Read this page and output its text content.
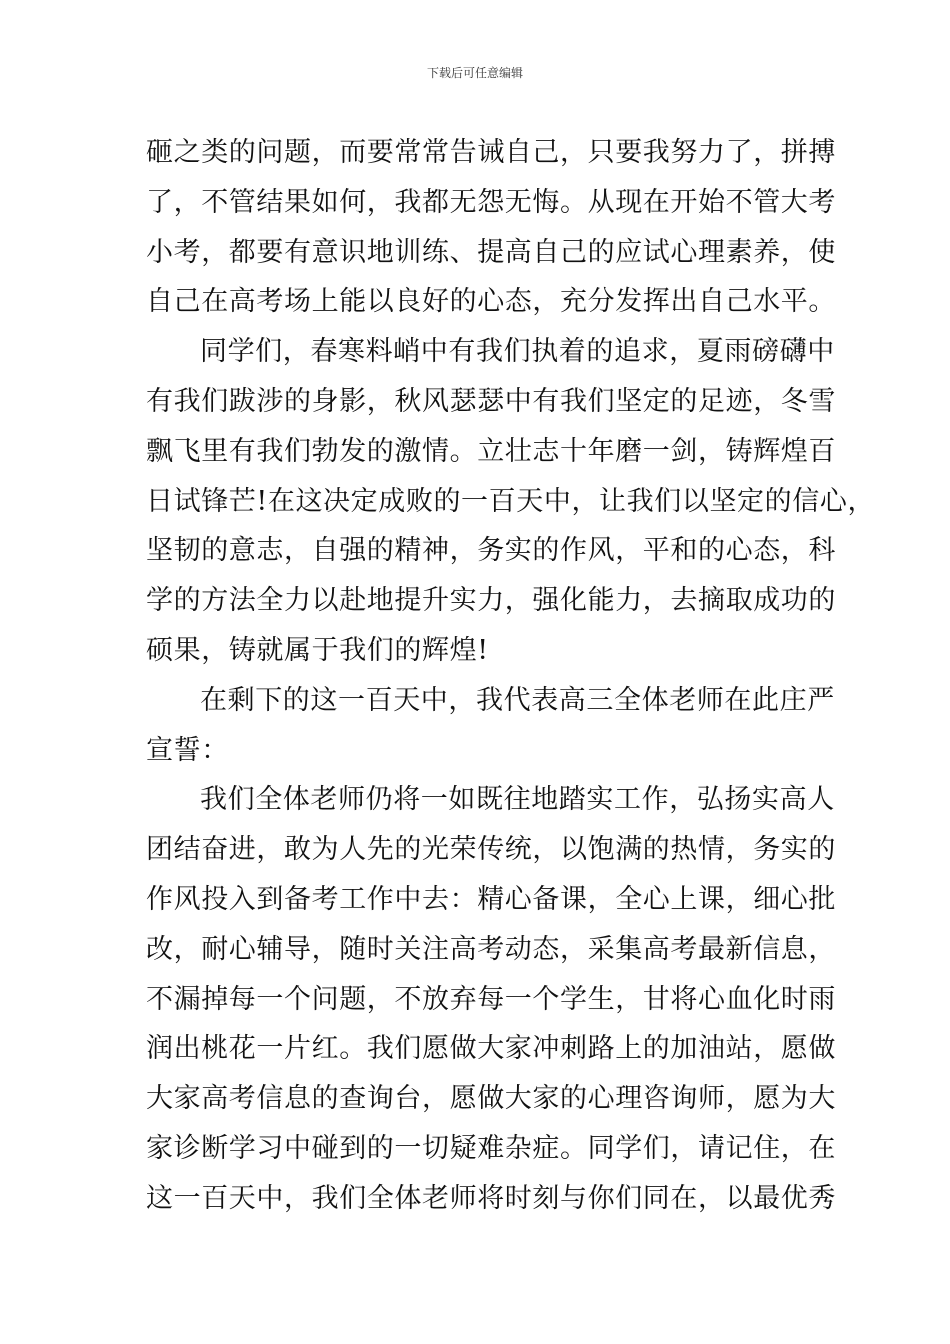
下载后可任意编辑
砸之类的问题，而要常常告诫自己，只要我努力了，拼搏
了，不管结果如何，我都无怨无悔。从现在开始不管大考
小考，都要有意识地训练、提高自己的应试心理素养，使
自己在高考场上能以良好的心态，充分发挥出自己水平。
同学们，春寒料峭中有我们执着的追求，夏雨磅礴中
有我们跋涉的身影，秋风瑟瑟中有我们坚定的足迹，冬雪
飘飞里有我们勃发的激情。立壮志十年磨一剑，铸辉煌百
日试锋芒!在这决定成败的一百天中，让我们以坚定的信心，
坚韧的意志，自强的精神，务实的作风，平和的心态，科
学的方法全力以赴地提升实力，强化能力，去摘取成功的
硕果，铸就属于我们的辉煌!
在剩下的这一百天中，我代表高三全体老师在此庄严
宣誓：
我们全体老师仍将一如既往地踏实工作，弘扬实高人
团结奋进，敢为人先的光荣传统，以饱满的热情，务实的
作风投入到备考工作中去：精心备课，全心上课，细心批
改，耐心辅导，随时关注高考动态，采集高考最新信息，
不漏掉每一个问题，不放弃每一个学生，甘将心血化时雨
润出桃花一片红。我们愿做大家冲刺路上的加油站，愿做
大家高考信息的查询台，愿做大家的心理咨询师，愿为大
家诊断学习中碰到的一切疑难杂症。同学们，请记住，在
这一百天中，我们全体老师将时刻与你们同在，以最优秀
